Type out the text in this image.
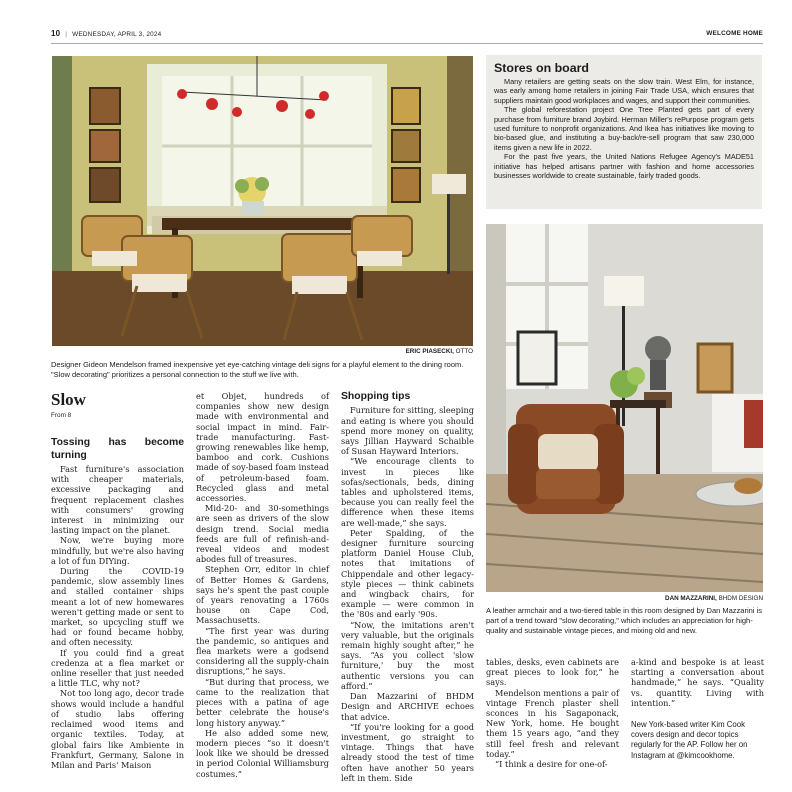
10 | WEDNESDAY, APRIL 3, 2024	WELCOME HOME
ERIC PIASECKI, OTTO
Designer Gideon Mendelson framed inexpensive yet eye-catching vintage deli signs for a playful element to the dining room. "Slow decorating" prioritizes a personal connection to the stuff we live with.
Stores on board

Many retailers are getting seats on the slow train. West Elm, for instance, was early among home retailers in joining Fair Trade USA, which ensures that suppliers maintain good workplaces and wages, and support their communities.

The global reforestation project One Tree Planted gets part of every purchase from furniture brand Joybird. Herman Miller's rePurpose program gets used furniture to nonprofit organizations. And Ikea has initiatives like moving to bio-based glue, and instituting a buy-back/re-sell program that saw 230,000 items given a new life in 2022.

For the past five years, the United Nations Refugee Agency's MADE51 initiative has helped artisans partner with fashion and home accessories businesses worldwide to create sustainable, fairly traded goods.

DAN MAZZARINI, BHDM DESIGN
A leather armchair and a two-tiered table in this room designed by Dan Mazzarini is part of a trend toward "slow decorating," which includes an appreciation for high-quality and sustainable vintage pieces, and mixing old and new.
Slow
From 8
Tossing has become turning

Fast furniture's association with cheaper materials, excessive packaging and frequent replacement clashes with consumers' growing interest in minimizing our lasting impact on the planet.

Now, we're buying more mindfully, but we're also having a lot of fun DIYing.

During the COVID-19 pandemic, slow assembly lines and stalled container ships meant a lot of new homewares weren't getting made or sent to market, so upcycling stuff we had or found became hobby, and often necessity.

If you could find a great credenza at a flea market or online reseller that just needed a little TLC, why not?

Not too long ago, decor trade shows would include a handful of studio labs offering reclaimed wood items and organic textiles. Today, at global fairs like Ambiente in Frankfurt, Germany, Salone in Milan and Paris' Maison

et Objet, hundreds of companies show new design made with environmental and social impact in mind. Fair-trade manufacturing. Fast-growing renewables like hemp, bamboo and cork. Cushions made of soy-based foam instead of petroleum-based foam. Recycled glass and metal accessories.

Mid-20- and 30-somethings are seen as drivers of the slow design trend. Social media feeds are full of refinish-and-reveal videos and modest abodes full of treasures.

Stephen Orr, editor in chief of Better Homes & Gardens, says he's spent the past couple of years renovating a 1760s house on Cape Cod, Massachusetts.

“The first year was during the pandemic, so antiques and flea markets were a godsend considering all the supply-chain disruptions,” he says.

“But during that process, we came to the realization that pieces with a patina of age better celebrate the house's long history anyway.”

He also added some new, modern pieces “so it doesn't look like we should be dressed in period Colonial Williamsburg costumes.”

Shopping tips

Furniture for sitting, sleeping and eating is where you should spend more money on quality, says Jillian Hayward Schaible of Susan Hayward Interiors.

“We encourage clients to invest in pieces like sofas/sectionals, beds, dining tables and upholstered items, because you can really feel the difference when these items are well-made,” she says.

Peter Spalding, of the designer furniture sourcing platform Daniel House Club, notes that imitations of Chippendale and other legacy-style pieces — think cabinets and wingback chairs, for example — were common in the '80s and early '90s.

“Now, the imitations aren't very valuable, but the originals remain highly sought after,” he says. “As you collect 'slow furniture,' buy the most authentic versions you can afford.”

Dan Mazzarini of BHDM Design and ARCHIVE echoes that advice.

“If you're looking for a good investment, go straight to vintage. Things that have already stood the test of time often have another 50 years left in them. Side

tables, desks, even cabinets are great pieces to look for,” he says.

Mendelson mentions a pair of vintage French plaster shell sconces in his Sagaponack, New York, home. He bought them 15 years ago, “and they still feel fresh and relevant today.”

“I think a desire for one-of-

a-kind and bespoke is at least starting a conversation about handmade,” he says. “Quality vs. quantity. Living with intention.”

New York-based writer Kim Cook covers design and decor topics regularly for the AP. Follow her on Instagram at @kimcookhome.
